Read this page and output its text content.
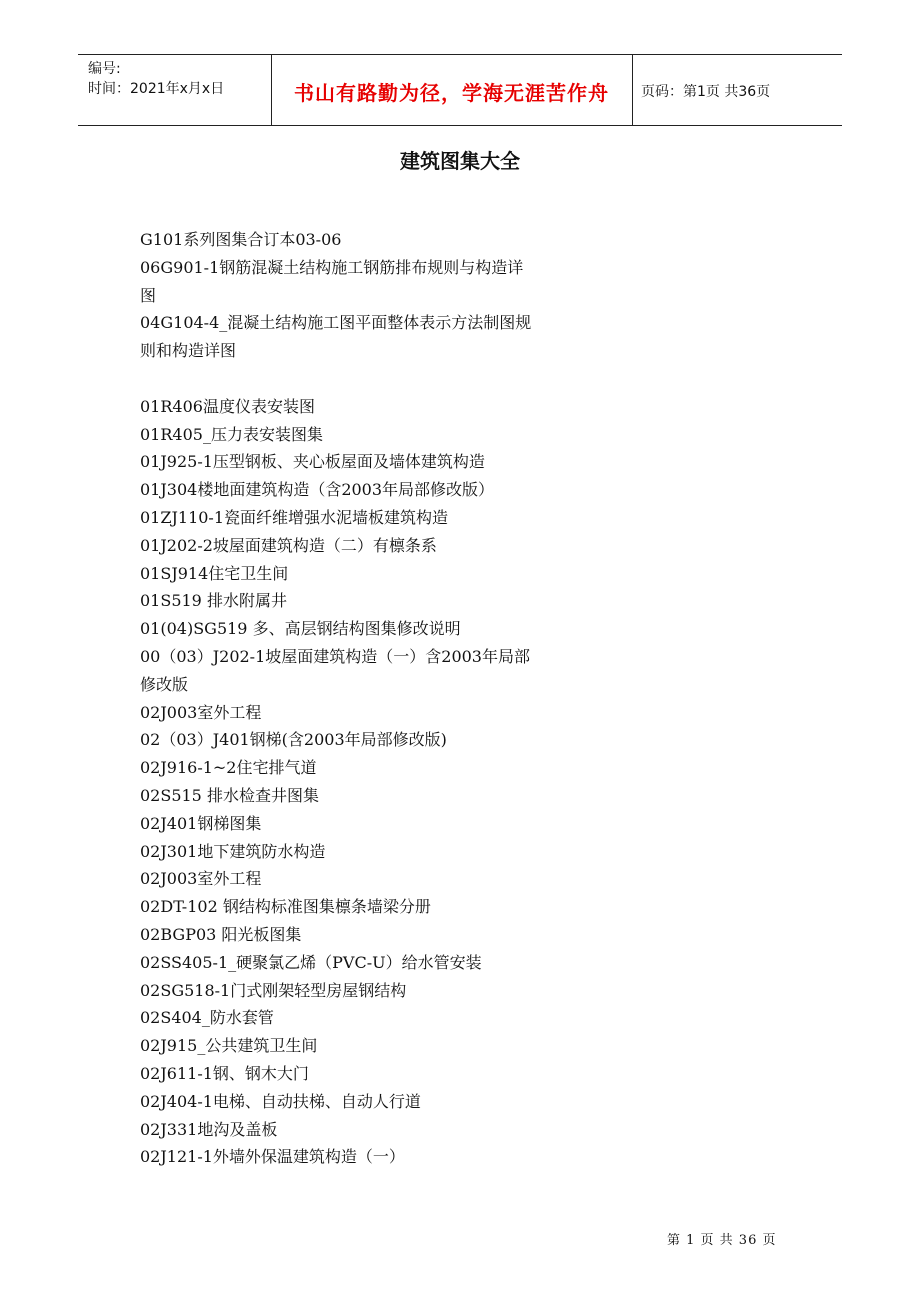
编号:
时间：2021年x月x日	书山有路勤为径，学海无涯苦作舟	页码：第1页 共36页
建筑图集大全
G101系列图集合订本03-06
06G901-1钢筋混凝土结构施工钢筋排布规则与构造详
图
04G104-4_混凝土结构施工图平面整体表示方法制图规
则和构造详图
01R406温度仪表安装图
01R405_压力表安装图集
01J925-1压型钢板、夹心板屋面及墙体建筑构造
01J304楼地面建筑构造（含2003年局部修改版）
01ZJ110-1瓷面纤维增强水泥墙板建筑构造
01J202-2坡屋面建筑构造（二）有檩条系
01SJ914住宅卫生间
01S519 排水附属井
01(04)SG519 多、高层钢结构图集修改说明
00（03）J202-1坡屋面建筑构造（一）含2003年局部
修改版
02J003室外工程
02（03）J401钢梯(含2003年局部修改版)
02J916-1~2住宅排气道
02S515 排水检查井图集
02J401钢梯图集
02J301地下建筑防水构造
02J003室外工程
02DT-102 钢结构标准图集檩条墙梁分册
02BGP03 阳光板图集
02SS405-1_硬聚氯乙烯（PVC-U）给水管安装
02SG518-1门式刚架轻型房屋钢结构
02S404_防水套管
02J915_公共建筑卫生间
02J611-1钢、钢木大门
02J404-1电梯、自动扶梯、自动人行道
02J331地沟及盖板
02J121-1外墙外保温建筑构造（一）
第 1 页 共 36 页
